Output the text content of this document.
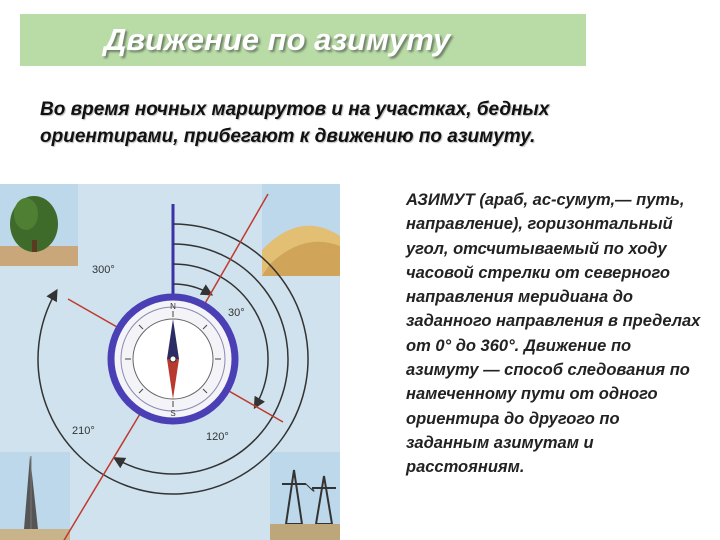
Движение по азимуту
Во время ночных маршрутов и на участках, бедных ориентирами, прибегают к движению по азимуту.
N
S
300°
30°
210°	120°
АЗИМУТ (араб, ас-сумут,— путь, направление), горизонтальный угол, отсчитываемый по ходу часовой стрелки от северного направления меридиана до заданного направления в пределах от 0° до 360°. Движение по азимуту — способ следования по намеченному пути от одного ориентира до другого по заданным азимутам и расстояниям.
